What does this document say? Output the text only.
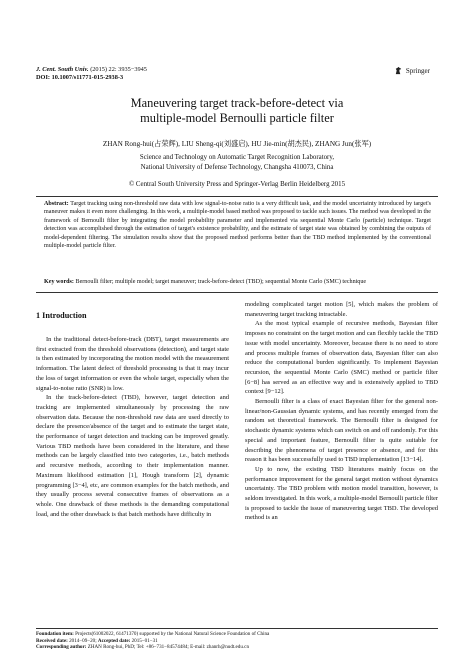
J. Cent. South Univ. (2015) 22: 3935−3945
DOI: 10.1007/s11771-015-2938-3
Springer
Maneuvering target track-before-detect via
multiple-model Bernoulli particle filter
ZHAN Rong-hui(占荣辉), LIU Sheng-qi(刘盛启), HU Jie-min(胡杰民), ZHANG Jun(张军)
Science and Technology on Automatic Target Recognition Laboratory,
National University of Defense Technology, Changsha 410073, China
© Central South University Press and Springer-Verlag Berlin Heidelberg 2015
Abstract: Target tracking using non-threshold raw data with low signal-to-noise ratio is a very difficult task, and the model uncertainty introduced by target's maneuver makes it even more challenging. In this work, a multiple-model based method was proposed to tackle such issues. The method was developed in the framework of Bernoulli filter by integrating the model probability parameter and implemented via sequential Monte Carlo (particle) technique. Target detection was accomplished through the estimation of target's existence probability, and the estimate of target state was obtained by combining the outputs of model-dependent filtering. The simulation results show that the proposed method performs better than the TBD method implemented by the conventional multiple-model particle filter.
Key words: Bernoulli filter; multiple model; target maneuver; track-before-detect (TBD); sequential Monte Carlo (SMC) technique
1 Introduction

In the traditional detect-before-track (DBT), target measurements are first extracted from the threshold observations (detection), and target state is then estimated by incorporating the motion model with the measurement information. The latent defect of threshold processing is that it may incur the loss of target information or even the whole target, especially when the signal-to-noise ratio (SNR) is low.

In the track-before-detect (TBD), however, target detection and tracking are implemented simultaneously by processing the raw observation data. Because the non-threshold raw data are used directly to declare the presence/absence of the target and to estimate the target state, the performance of target detection and tracking can be improved greatly. Various TBD methods have been considered in the literature, and these methods can be largely classified into two categories, i.e., batch methods and recursive methods, according to their implementation manner. Maximum likelihood estimation [1], Hough transform [2], dynamic programming [3−4], etc, are common examples for the batch methods, and they usually process several consecutive frames of observations as a whole. One drawback of these methods is the demanding computational load, and the other drawback is that batch methods have difficulty in

modeling complicated target motion [5], which makes the problem of maneuvering target tracking intractable.

As the most typical example of recursive methods, Bayesian filter imposes no constraint on the target motion and can flexibly tackle the TBD issue with model uncertainty. Moreover, because there is no need to store and process multiple frames of observation data, Bayesian filter can also reduce the computational burden significantly. To implement Bayesian recursion, the sequential Monte Carlo (SMC) method or particle filter [6−8] has served as an effective way and is extensively applied to TBD context [9−12].

Bernoulli filter is a class of exact Bayesian filter for the general non-linear/non-Gaussian dynamic systems, and has recently emerged from the random set theoretical framework. The Bernoulli filter is designed for stochastic dynamic systems which can switch on and off randomly. For this special and important feature, Bernoulli filter is quite suitable for describing the phenomena of target presence or absence, and for this reason it has been successfully used to TBD implementation [13−14].

Up to now, the existing TBD literatures mainly focus on the performance improvement for the general target motion without dynamics uncertainty. The TBD problem with motion model transition, however, is seldom investigated. In this work, a multiple-model Bernoulli particle filter is proposed to tackle the issue of maneuvering target TBD. The developed method is an

Foundation item: Projects(61002022, 61471370) supported by the National Natural Science Foundation of China
Received date: 2014−09−20; Accepted date: 2015−01−31
Corresponding author: ZHAN Rong-hui, PhD; Tel: +86−731−84574484; E-mail: zhanrh@nudt.edu.cn
